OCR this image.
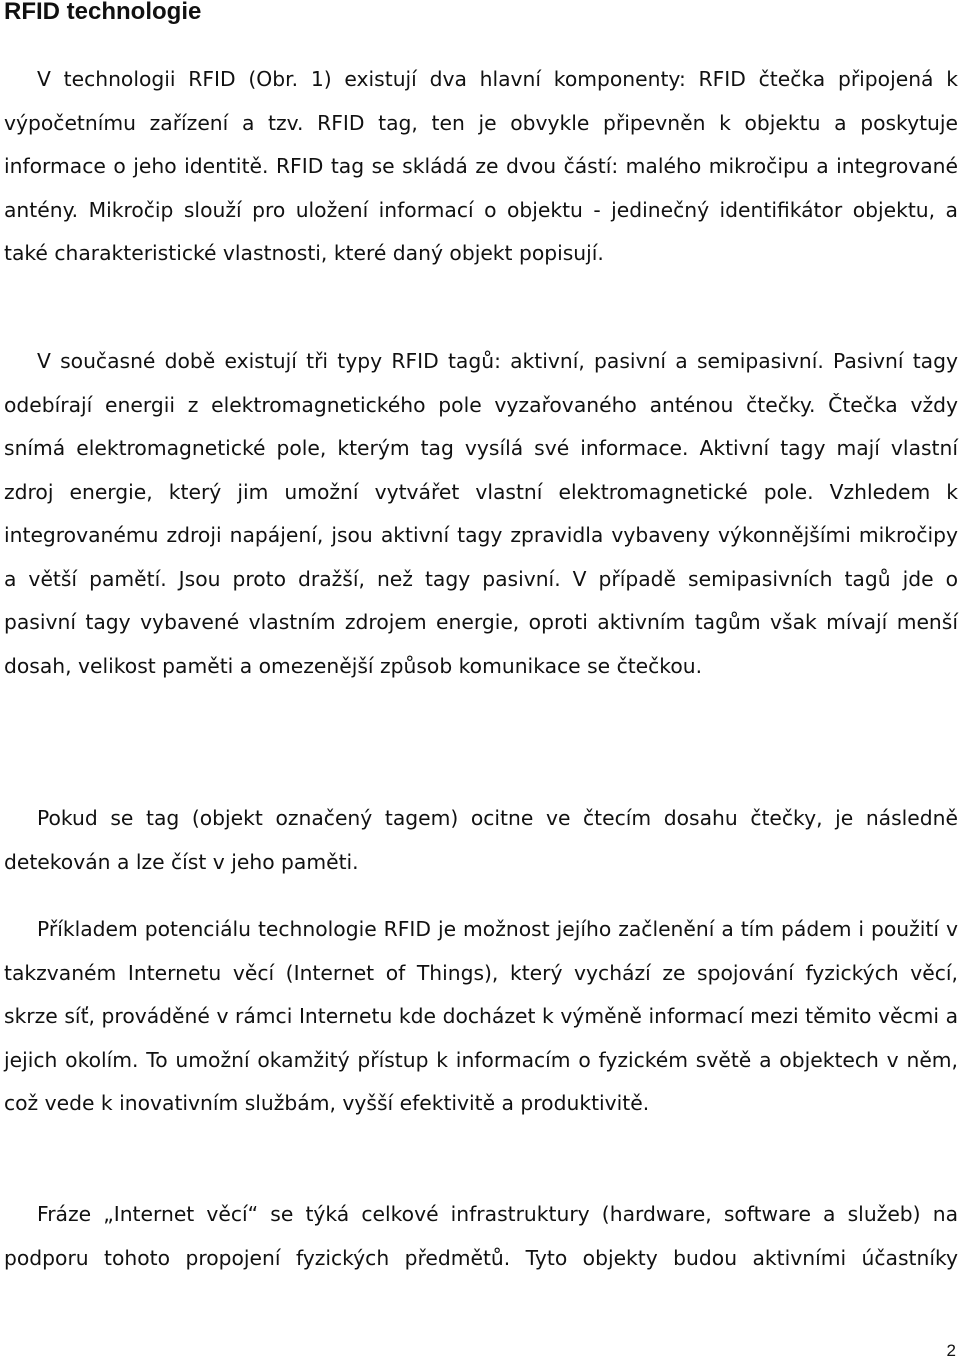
RFID technologie

V technologii RFID (Obr. 1) existují dva hlavní komponenty: RFID čtečka připojená k výpočetnímu zařízení a tzv. RFID tag, ten je obvykle připevněn k objektu a poskytuje informace o jeho identitě. RFID tag se skládá ze dvou částí: malého mikročipu a integrované antény. Mikročip slouží pro uložení informací o objektu - jedinečný identifikátor objektu, a také charakteristické vlastnosti, které daný objekt popisují.

V současné době existují tři typy RFID tagů: aktivní, pasivní a semipasivní. Pasivní tagy odebírají energii z elektromagnetického pole vyzařovaného anténou čtečky. Čtečka vždy snímá elektromagnetické pole, kterým tag vysílá své informace. Aktivní tagy mají vlastní zdroj energie, který jim umožní vytvářet vlastní elektromagnetické pole. Vzhledem k integrovanému zdroji napájení, jsou aktivní tagy zpravidla vybaveny výkonnějšími mikročipy a větší pamětí. Jsou proto dražší, než tagy pasivní. V případě semipasivních tagů jde o pasivní tagy vybavené vlastním zdrojem energie, oproti aktivním tagům však mívají menší dosah, velikost paměti a omezenější způsob komunikace se čtečkou.

Pokud se tag (objekt označený tagem) ocitne ve čtecím dosahu čtečky, je následně detekován a lze číst v jeho paměti.

Příkladem potenciálu technologie RFID je možnost jejího začlenění a tím pádem i použití v takzvaném Internetu věcí (Internet of Things), který vychází ze spojování fyzických věcí, skrze síť, prováděné v rámci Internetu kde docházet k výměně informací mezi těmito věcmi a jejich okolím. To umožní okamžitý přístup k informacím o fyzickém světě a objektech v něm, což vede k inovativním službám, vyšší efektivitě a produktivitě.

Fráze „Internet věcí“ se týká celkové infrastruktury (hardware, software a služeb) na podporu tohoto propojení fyzických předmětů. Tyto objekty budou aktivními účastníky

2
